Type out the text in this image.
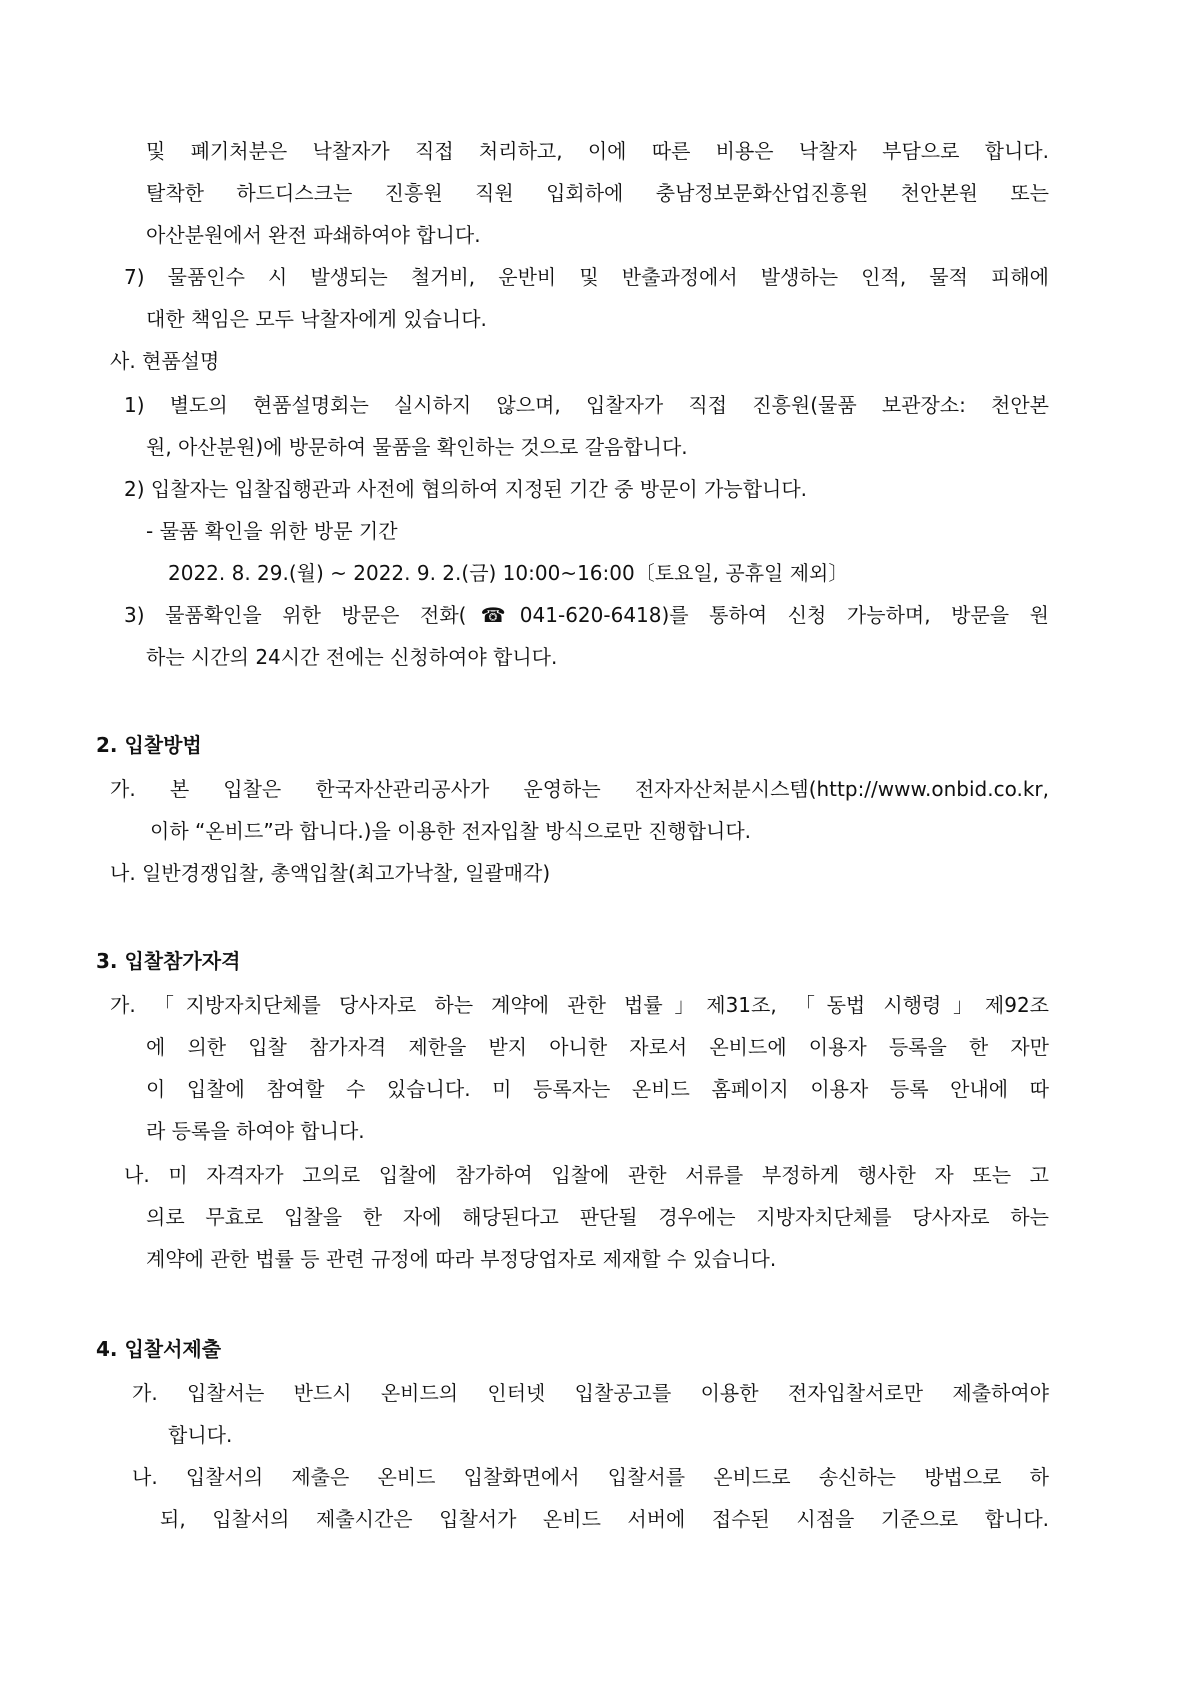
및 폐기처분은 낙찰자가 직접 처리하고, 이에 따른 비용은 낙찰자 부담으로 합니다.

탈착한 하드디스크는 진흥원 직원 입회하에 충남정보문화산업진흥원 천안본원 또는

아산분원에서 완전 파쇄하여야 합니다.

7) 물품인수 시 발생되는 철거비, 운반비 및 반출과정에서 발생하는 인적, 물적 피해에

대한 책임은 모두 낙찰자에게 있습니다.

사. 현품설명

1) 별도의 현품설명회는 실시하지 않으며, 입찰자가 직접 진흥원(물품 보관장소: 천안본

원, 아산분원)에 방문하여 물품을 확인하는 것으로 갈음합니다.

2) 입찰자는 입찰집행관과 사전에 협의하여 지정된 기간 중 방문이 가능합니다.

- 물품 확인을 위한 방문 기간

2022. 8. 29.(월) ~ 2022. 9. 2.(금) 10:00~16:00〔토요일, 공휴일 제외〕

3) 물품확인을 위한 방문은 전화(☎041-620-6418)를 통하여 신청 가능하며, 방문을 원

하는 시간의 24시간 전에는 신청하여야 합니다.

2. 입찰방법

가. 본 입찰은 한국자산관리공사가 운영하는 전자자산처분시스템(http://www.onbid.co.kr,

이하 “온비드”라 합니다.)을 이용한 전자입찰 방식으로만 진행합니다.

나. 일반경쟁입찰, 총액입찰(최고가낙찰, 일괄매각)

3. 입찰참가자격

가. 「지방자치단체를 당사자로 하는 계약에 관한 법률」제31조, 「동법 시행령」제92조

에 의한 입찰 참가자격 제한을 받지 아니한 자로서 온비드에 이용자 등록을 한 자만

이 입찰에 참여할 수 있습니다. 미 등록자는 온비드 홈페이지 이용자 등록 안내에 따

라 등록을 하여야 합니다.

나. 미 자격자가 고의로 입찰에 참가하여 입찰에 관한 서류를 부정하게 행사한 자 또는 고

의로 무효로 입찰을 한 자에 해당된다고 판단될 경우에는 지방자치단체를 당사자로 하는

계약에 관한 법률 등 관련 규정에 따라 부정당업자로 제재할 수 있습니다.

4. 입찰서제출

가. 입찰서는 반드시 온비드의 인터넷 입찰공고를 이용한 전자입찰서로만 제출하여야

합니다.

나. 입찰서의 제출은 온비드 입찰화면에서 입찰서를 온비드로 송신하는 방법으로 하

되, 입찰서의 제출시간은 입찰서가 온비드 서버에 접수된 시점을 기준으로 합니다.
